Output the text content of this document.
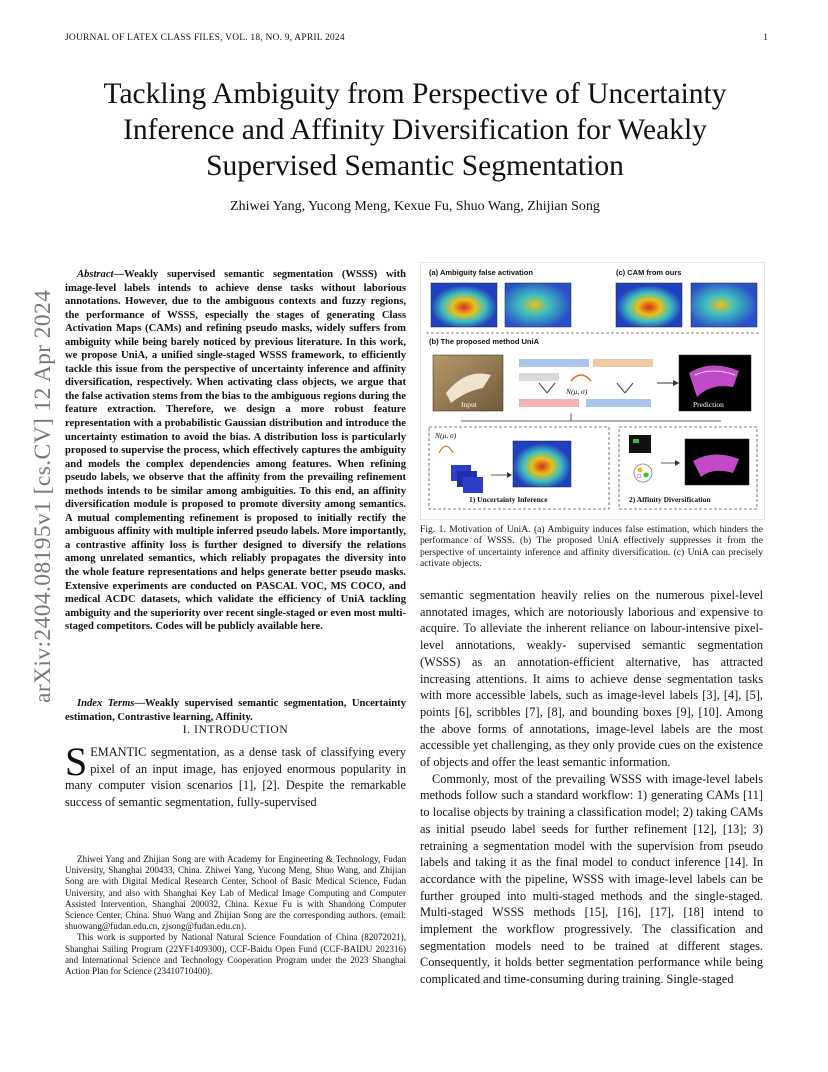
JOURNAL OF LATEX CLASS FILES, VOL. 18, NO. 9, APRIL 2024	1
Tackling Ambiguity from Perspective of Uncertainty Inference and Affinity Diversification for Weakly Supervised Semantic Segmentation
Zhiwei Yang, Yucong Meng, Kexue Fu, Shuo Wang, Zhijian Song
arXiv:2404.08195v1 [cs.CV] 12 Apr 2024
Abstract—Weakly supervised semantic segmentation (WSSS) with image-level labels intends to achieve dense tasks without laborious annotations. However, due to the ambiguous contexts and fuzzy regions, the performance of WSSS, especially the stages of generating Class Activation Maps (CAMs) and refining pseudo masks, widely suffers from ambiguity while being barely noticed by previous literature. In this work, we propose UniA, a unified single-staged WSSS framework, to efficiently tackle this issue from the perspective of uncertainty inference and affinity diversification, respectively. When activating class objects, we argue that the false activation stems from the bias to the ambiguous regions during the feature extraction. Therefore, we design a more robust feature representation with a probabilistic Gaussian distribution and introduce the uncertainty estimation to avoid the bias. A distribution loss is particularly proposed to supervise the process, which effectively captures the ambiguity and models the complex dependencies among features. When refining pseudo labels, we observe that the affinity from the prevailing refinement methods intends to be similar among ambiguities. To this end, an affinity diversification module is proposed to promote diversity among semantics. A mutual complementing refinement is proposed to initially rectify the ambiguous affinity with multiple inferred pseudo labels. More importantly, a contrastive affinity loss is further designed to diversify the relations among unrelated semantics, which reliably propagates the diversity into the whole feature representations and helps generate better pseudo masks. Extensive experiments are conducted on PASCAL VOC, MS COCO, and medical ACDC datasets, which validate the efficiency of UniA tackling ambiguity and the superiority over recent single-staged or even most multi-staged competitors. Codes will be publicly available here.
Index Terms—Weakly supervised semantic segmentation, Uncertainty estimation, Contrastive learning, Affinity.
I. INTRODUCTION
SEMANTIC segmentation, as a dense task of classifying every pixel of an input image, has enjoyed enormous popularity in many computer vision scenarios [1], [2]. Despite the remarkable success of semantic segmentation, fully-supervised

Zhiwei Yang and Zhijian Song are with Academy for Engineering & Technology, Fudan University, Shanghai 200433, China. Zhiwei Yang, Yucong Meng, Shuo Wang, and Zhijian Song are with Digital Medical Research Center, School of Basic Medical Science, Fudan University, and also with Shanghai Key Lab of Medical Image Computing and Computer Assisted Intervention, Shanghai 200032, China. Kexue Fu is with Shandong Computer Science Center, China. Shuo Wang and Zhijian Song are the corresponding authors. (email: shuowang@fudan.edu.cn, zjsong@fudan.edu.cn).

This work is supported by National Natural Science Foundation of China (82072021), Shanghai Sailing Program (22YF1409300), CCF-Baidu Open Fund (CCF-BAIDU 202316) and International Science and Technology Cooperation Program under the 2023 Shanghai Action Plan for Science (23410710400).

(a) Ambiguity false activation	(c) CAM from ours
(b) The proposed method UniA
Input	Prediction
N(μ, σ)
N(μ, σ)
1) Uncertainty Inference	2) Affinity Diversification
Fig. 1. Motivation of UniA. (a) Ambiguity induces false estimation, which hinders the performance of WSSS. (b) The proposed UniA effectively suppresses it from the perspective of uncertainty inference and affinity diversification. (c) UniA can precisely activate objects.

semantic segmentation heavily relies on the numerous pixel-level annotated images, which are notoriously laborious and expensive to acquire. To alleviate the inherent reliance on labour-intensive pixel-level annotations, weakly- supervised semantic segmentation (WSSS) as an annotation-efficient alternative, has attracted increasing attentions. It aims to achieve dense segmentation tasks with more accessible labels, such as image-level labels [3], [4], [5], points [6], scribbles [7], [8], and bounding boxes [9], [10]. Among the above forms of annotations, image-level labels are the most accessible yet challenging, as they only provide cues on the existence of objects and offer the least semantic information.

Commonly, most of the prevailing WSSS with image-level labels methods follow such a standard workflow: 1) generating CAMs [11] to localise objects by training a classification model; 2) taking CAMs as initial pseudo label seeds for further refinement [12], [13]; 3) retraining a segmentation model with the supervision from pseudo labels and taking it as the final model to conduct inference [14]. In accordance with the pipeline, WSSS with image-level labels can be further grouped into multi-staged methods and the single-staged. Multi-staged WSSS methods [15], [16], [17], [18] intend to implement the workflow progressively. The classification and segmentation models need to be trained at different stages. Consequently, it holds better segmentation performance while being complicated and time-consuming during training. Single-staged
